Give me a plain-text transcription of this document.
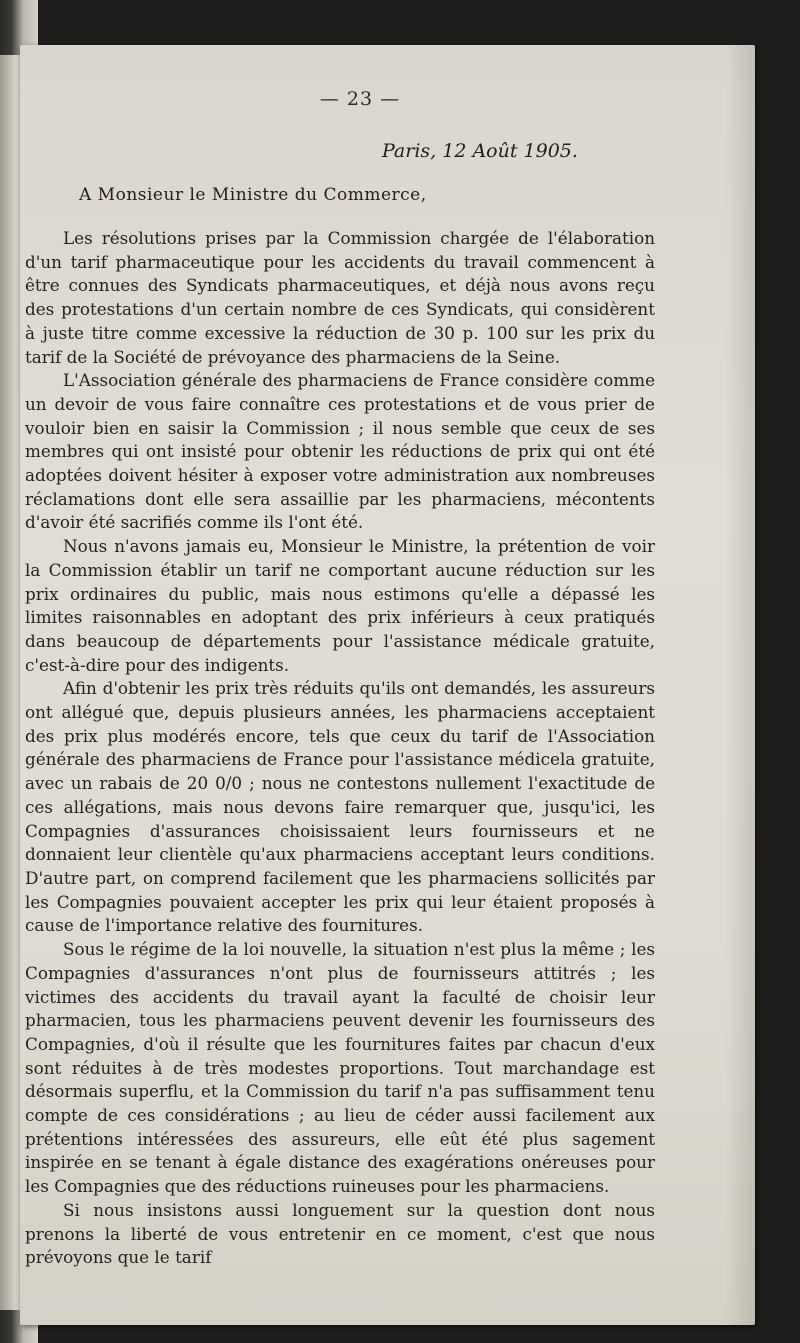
— 23 —
Paris, 12 Août 1905.
A Monsieur le Ministre du Commerce,

Les résolutions prises par la Commission chargée de l'élaboration d'un tarif pharmaceutique pour les accidents du travail commencent à être connues des Syndicats pharmaceutiques, et déjà nous avons reçu des protestations d'un certain nombre de ces Syndicats, qui considèrent à juste titre comme excessive la réduction de 30 p. 100 sur les prix du tarif de la Société de prévoyance des pharmaciens de la Seine.

L'Association générale des pharmaciens de France considère comme un devoir de vous faire connaître ces protestations et de vous prier de vouloir bien en saisir la Commission ; il nous semble que ceux de ses membres qui ont insisté pour obtenir les réductions de prix qui ont été adoptées doivent hésiter à exposer votre administration aux nombreuses réclamations dont elle sera assaillie par les pharmaciens, mécontents d'avoir été sacrifiés comme ils l'ont été.

Nous n'avons jamais eu, Monsieur le Ministre, la prétention de voir la Commission établir un tarif ne comportant aucune réduction sur les prix ordinaires du public, mais nous estimons qu'elle a dépassé les limites raisonnables en adoptant des prix inférieurs à ceux pratiqués dans beaucoup de départements pour l'assistance médicale gratuite, c'est-à-dire pour des indigents.

Afin d'obtenir les prix très réduits qu'ils ont demandés, les assureurs ont allégué que, depuis plusieurs années, les pharmaciens acceptaient des prix plus modérés encore, tels que ceux du tarif de l'Association générale des pharmaciens de France pour l'assistance médicela gratuite, avec un rabais de 20 0/0 ; nous ne contestons nullement l'exactitude de ces allégations, mais nous devons faire remarquer que, jusqu'ici, les Compagnies d'assurances choisissaient leurs fournisseurs et ne donnaient leur clientèle qu'aux pharmaciens acceptant leurs conditions. D'autre part, on comprend facilement que les pharmaciens sollicités par les Compagnies pouvaient accepter les prix qui leur étaient proposés à cause de l'importance relative des fournitures.

Sous le régime de la loi nouvelle, la situation n'est plus la même ; les Compagnies d'assurances n'ont plus de fournisseurs attitrés ; les victimes des accidents du travail ayant la faculté de choisir leur pharmacien, tous les pharmaciens peuvent devenir les fournisseurs des Compagnies, d'où il résulte que les fournitures faites par chacun d'eux sont réduites à de très modestes proportions. Tout marchandage est désormais superflu, et la Commission du tarif n'a pas suffisamment tenu compte de ces considérations ; au lieu de céder aussi facilement aux prétentions intéressées des assureurs, elle eût été plus sagement inspirée en se tenant à égale distance des exagérations onéreuses pour les Compagnies que des réductions ruineuses pour les pharmaciens.

Si nous insistons aussi longuement sur la question dont nous prenons la liberté de vous entretenir en ce moment, c'est que nous prévoyons que le tarif
